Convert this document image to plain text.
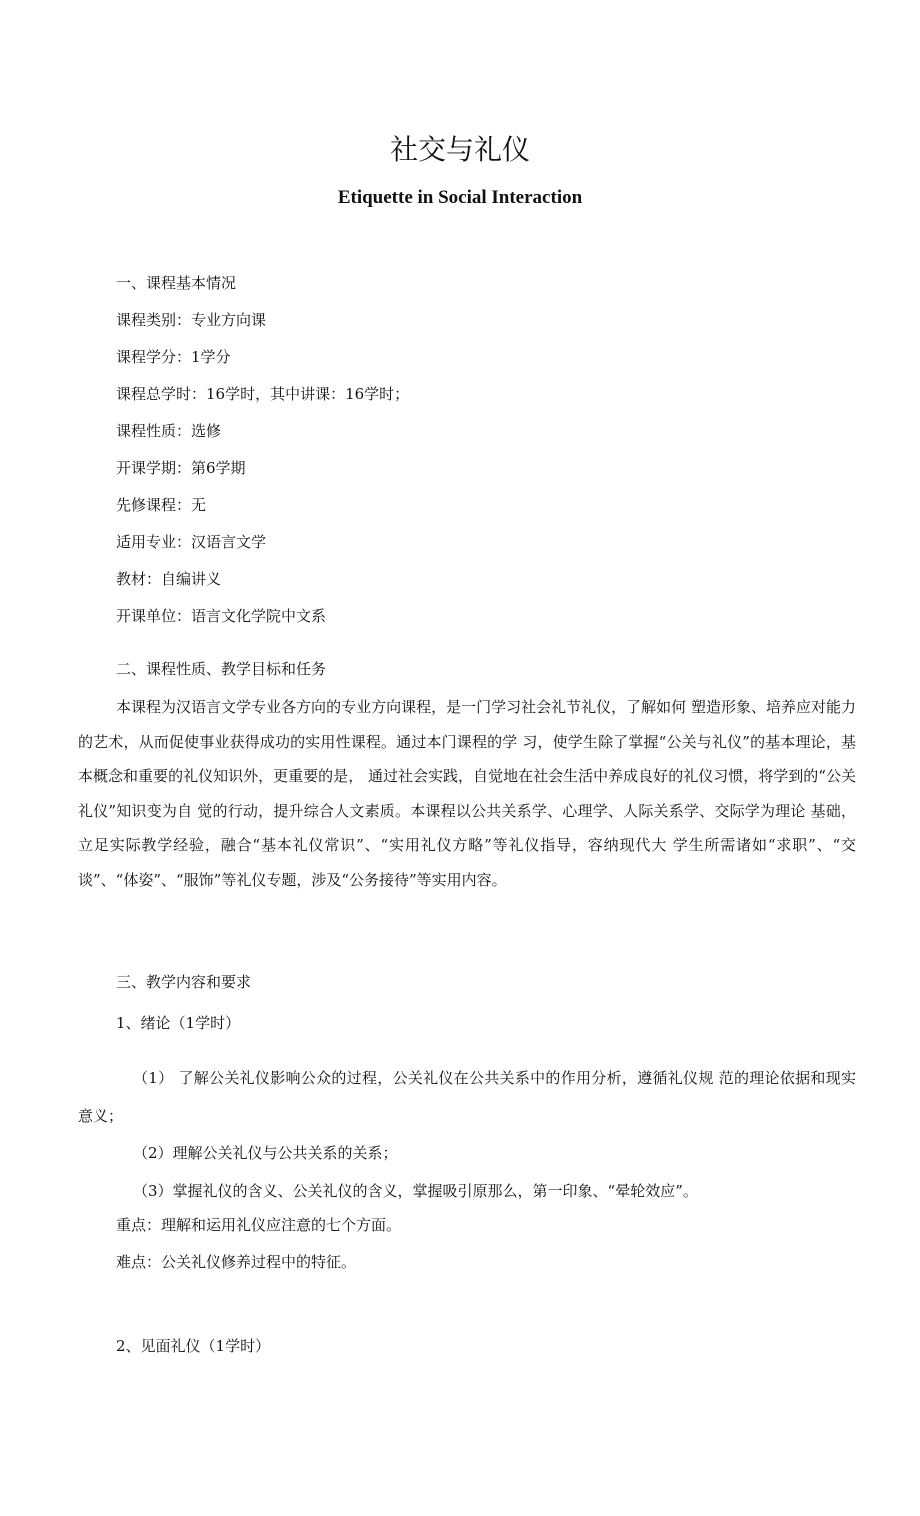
社交与礼仪
Etiquette in Social Interaction
一、课程基本情况
课程类别：专业方向课
课程学分：1学分
课程总学时：16学时，其中讲课：16学时；
课程性质：选修
开课学期：第6学期
先修课程：无
适用专业：汉语言文学
教材：自编讲义
开课单位：语言文化学院中文系
二、课程性质、教学目标和任务
本课程为汉语言文学专业各方向的专业方向课程，是一门学习社会礼节礼仪，了解如何 塑造形象、培养应对能力的艺术，从而促使事业获得成功的实用性课程。通过本门课程的学 习，使学生除了掌握“公关与礼仪”的基本理论，基本概念和重要的礼仪知识外，更重要的是， 通过社会实践，自觉地在社会生活中养成良好的礼仪习惯，将学到的“公关礼仪”知识变为自 觉的行动，提升综合人文素质。本课程以公共关系学、心理学、人际关系学、交际学为理论 基础，立足实际教学经验，融合“基本礼仪常识”、“实用礼仪方略”等礼仪指导，容纳现代大 学生所需诸如“求职”、“交谈”、“体姿”、“服饰”等礼仪专题，涉及“公务接待”等实用内容。
三、教学内容和要求
1、绪论（1学时）
（1） 了解公关礼仪影响公众的过程，公关礼仪在公共关系中的作用分析，遵循礼仪规 范的理论依据和现实意义；
（2）理解公关礼仪与公共关系的关系；
（3）掌握礼仪的含义、公关礼仪的含义，掌握吸引原那么，第一印象、“晕轮效应”。
重点：理解和运用礼仪应注意的七个方面。
难点：公关礼仪修养过程中的特征。
2、见面礼仪（1学时）
